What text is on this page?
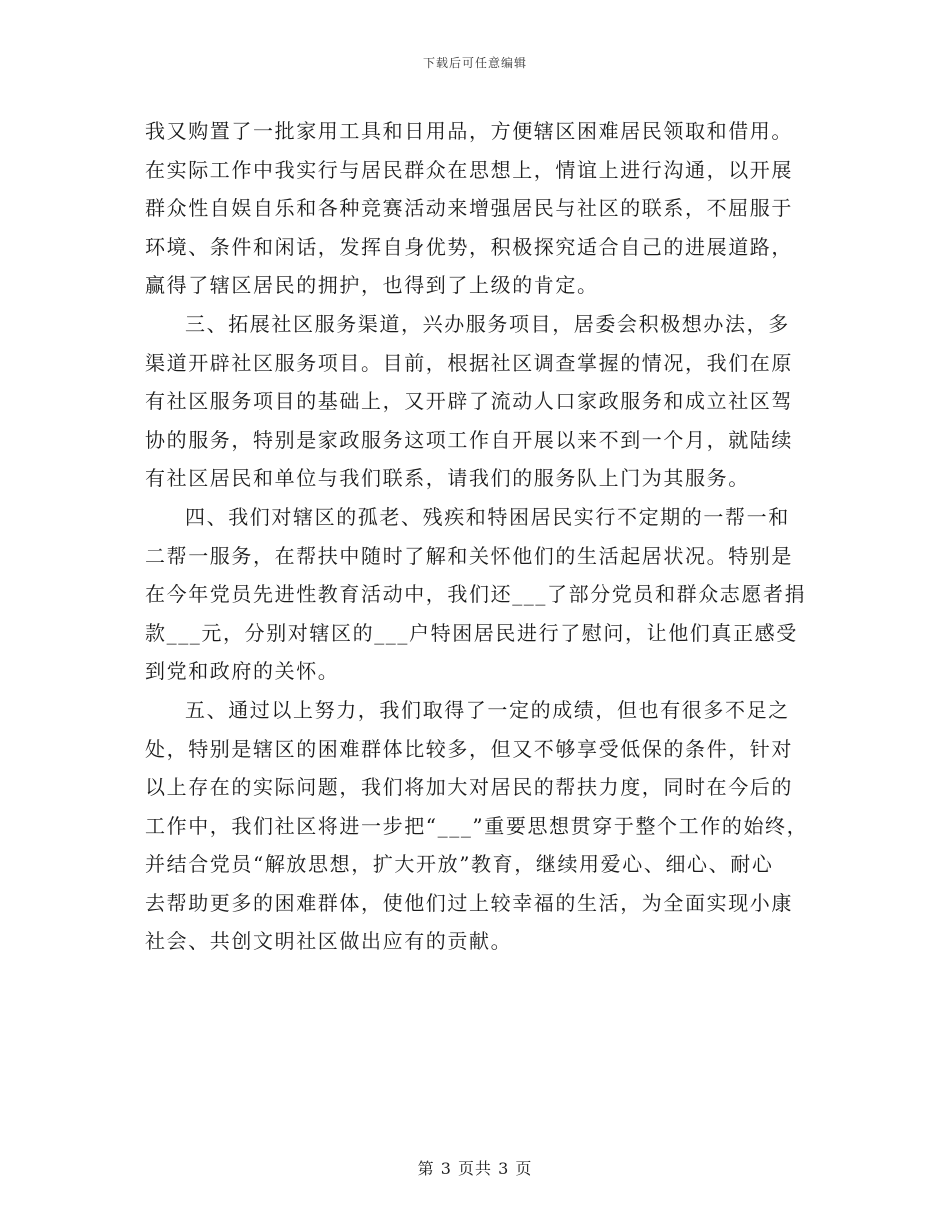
下载后可任意编辑
我又购置了一批家用工具和日用品，方便辖区困难居民领取和借用。
在实际工作中我实行与居民群众在思想上，情谊上进行沟通，以开展
群众性自娱自乐和各种竞赛活动来增强居民与社区的联系，不屈服于
环境、条件和闲话，发挥自身优势，积极探究适合自己的进展道路，
赢得了辖区居民的拥护，也得到了上级的肯定。
三、拓展社区服务渠道，兴办服务项目，居委会积极想办法，多
渠道开辟社区服务项目。目前，根据社区调查掌握的情况，我们在原
有社区服务项目的基础上，又开辟了流动人口家政服务和成立社区驾
协的服务，特别是家政服务这项工作自开展以来不到一个月，就陆续
有社区居民和单位与我们联系，请我们的服务队上门为其服务。
四、我们对辖区的孤老、残疾和特困居民实行不定期的一帮一和
二帮一服务，在帮扶中随时了解和关怀他们的生活起居状况。特别是
在今年党员先进性教育活动中，我们还___了部分党员和群众志愿者捐
款___元，分别对辖区的___户特困居民进行了慰问，让他们真正感受
到党和政府的关怀。
五、通过以上努力，我们取得了一定的成绩，但也有很多不足之
处，特别是辖区的困难群体比较多，但又不够享受低保的条件，针对
以上存在的实际问题，我们将加大对居民的帮扶力度，同时在今后的
工作中，我们社区将进一步把“___”重要思想贯穿于整个工作的始终，
并结合党员“解放思想，扩大开放”教育，继续用爱心、细心、耐心
去帮助更多的困难群体，使他们过上较幸福的生活，为全面实现小康
社会、共创文明社区做出应有的贡献。
第 3 页共 3 页
